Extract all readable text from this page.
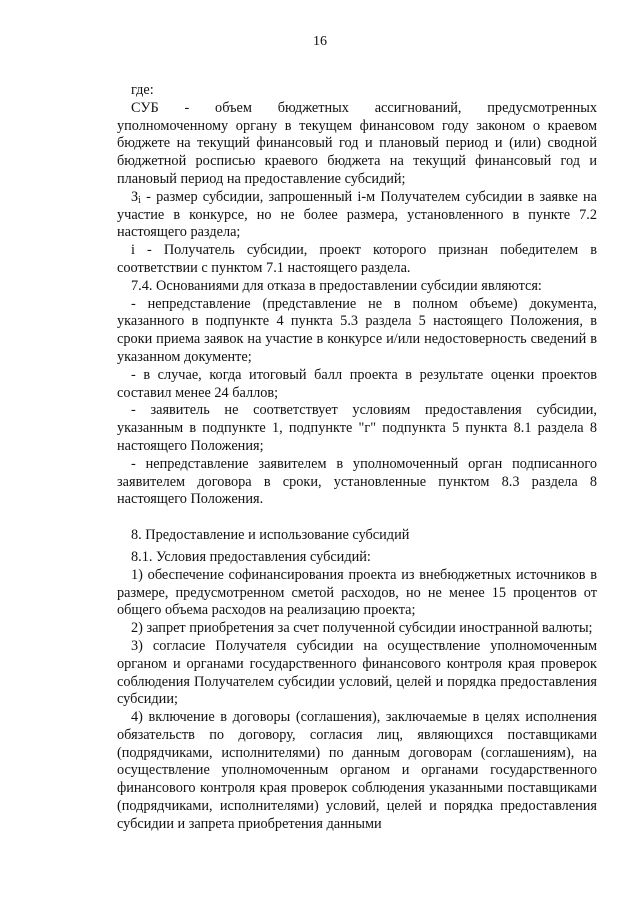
16

где:

СУБ - объем бюджетных ассигнований, предусмотренных уполномоченному органу в текущем финансовом году законом о краевом бюджете на текущий финансовый год и плановый период и (или) сводной бюджетной росписью краевого бюджета на текущий финансовый год и плановый период на предоставление субсидий;

$З_i$ - размер субсидии, запрошенный i-м Получателем субсидии в заявке на участие в конкурсе, но не более размера, установленного в пункте 7.2 настоящего раздела;

i - Получатель субсидии, проект которого признан победителем в соответствии с пунктом 7.1 настоящего раздела.

7.4. Основаниями для отказа в предоставлении субсидии являются:

- непредставление (представление не в полном объеме) документа, указанного в подпункте 4 пункта 5.3 раздела 5 настоящего Положения, в сроки приема заявок на участие в конкурсе и/или недостоверность сведений в указанном документе;

- в случае, когда итоговый балл проекта в результате оценки проектов составил менее 24 баллов;

- заявитель не соответствует условиям предоставления субсидии, указанным в подпункте 1, подпункте "г" подпункта 5 пункта 8.1 раздела 8 настоящего Положения;

- непредставление заявителем в уполномоченный орган подписанного заявителем договора в сроки, установленные пунктом 8.3 раздела 8 настоящего Положения.

8. Предоставление и использование субсидий

8.1. Условия предоставления субсидий:

1) обеспечение софинансирования проекта из внебюджетных источников в размере, предусмотренном сметой расходов, но не менее 15 процентов от общего объема расходов на реализацию проекта;

2) запрет приобретения за счет полученной субсидии иностранной валюты;

3) согласие Получателя субсидии на осуществление уполномоченным органом и органами государственного финансового контроля края проверок соблюдения Получателем субсидии условий, целей и порядка предоставления субсидии;

4) включение в договоры (соглашения), заключаемые в целях исполнения обязательств по договору, согласия лиц, являющихся поставщиками (подрядчиками, исполнителями) по данным договорам (соглашениям), на осуществление уполномоченным органом и органами государственного финансового контроля края проверок соблюдения указанными поставщиками (подрядчиками, исполнителями) условий, целей и порядка предоставления субсидии и запрета приобретения данными
